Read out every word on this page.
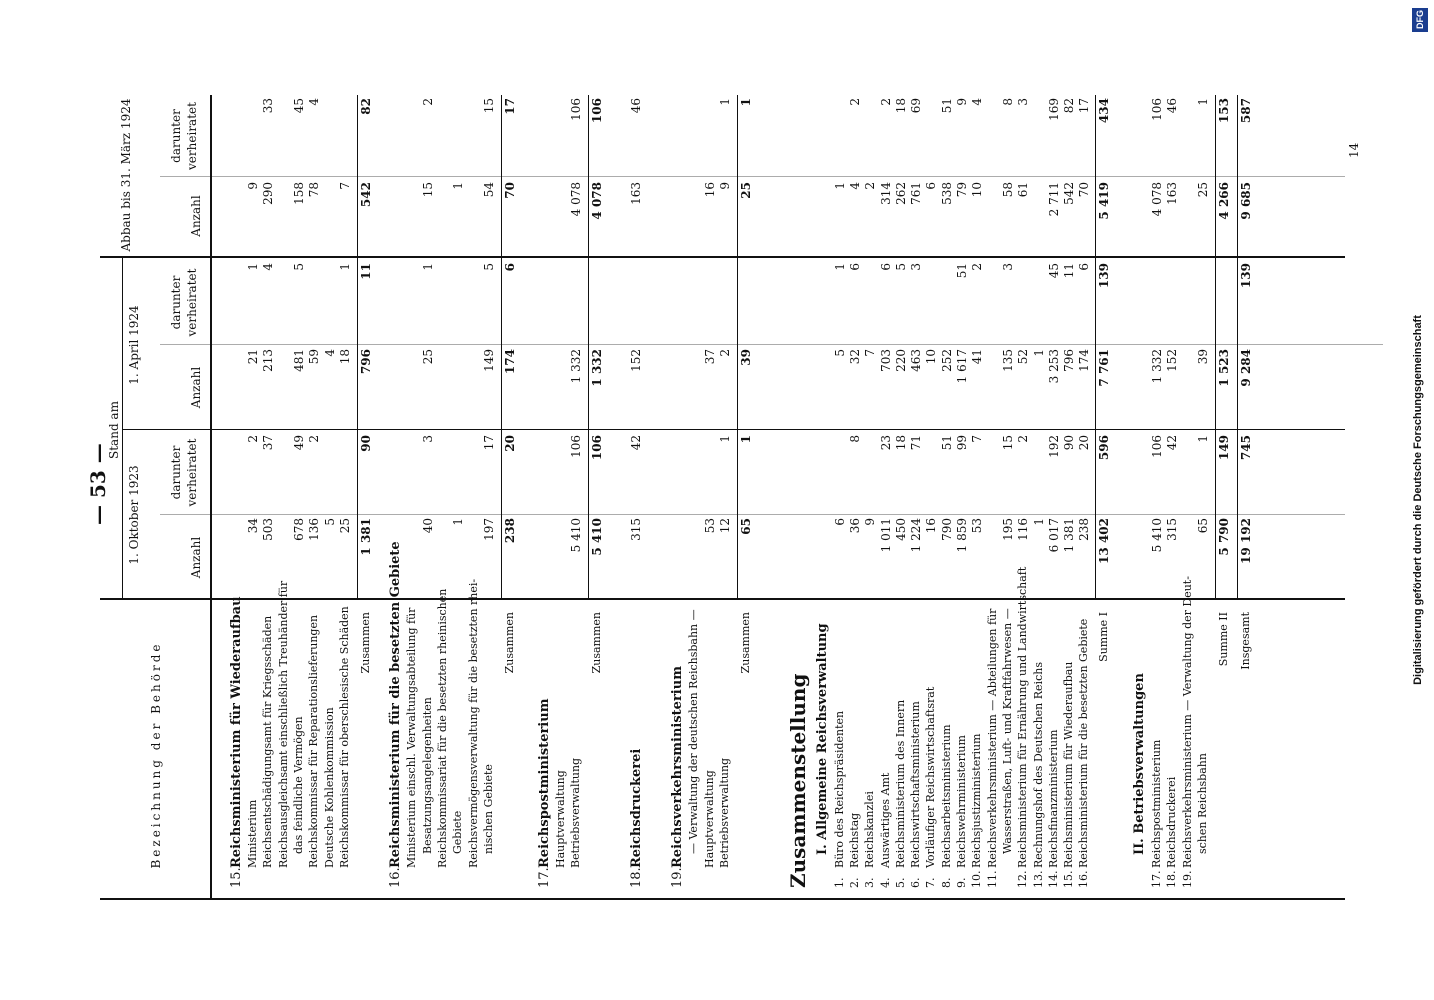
— 53 —
14
Bezeichnung der Behörde
Stand am
1. Oktober 1923
1. April 1924
Abbau bis 31. März 1924
Anzahl
darunter verheiratet
Anzahl
darunter verheiratet
Anzahl
darunter verheiratet
15.
Reichsministerium für Wiederaufbau Ministerium
34
2
21
1
9
Reichsentschädigungsamt für Kriegsschäden
503
37
213
4
290
33
Reichsausgleichsamt einschließlich Treuhänder für das feindliche Vermögen
678
49
481
5
158
45
Reichskommissar für Reparationslieferungen
136
2
59
78
4
Deutsche Kohlenkommission
5
4
Reichskommissar für oberschlesische Schäden
25
18
1
7
Zusammen
1 381
90
796
11
542
82
16.
Reichsministerium für die besetzten Gebiete Ministerium einschl. Verwaltungsabteilung für Besatzungsangelegenheiten
40
3
25
1
15
2
Reichskommissariat für die besetzten rheinischen Gebiete
1
1
Reichsvermögensverwaltung für die besetzten rhei- nischen Gebiete
197
17
149
5
54
15
Zusammen
238
20
174
6
70
17
17.
Reichspostministerium Hauptverwaltung Betriebsverwaltung
5 410
106
1 332
4 078
106
Zusammen
5 410
106
1 332
4 078
106
18.
Reichsdruckerei
315
42
152
163
46
19.
Reichsverkehrsministerium — Verwaltung der deutschen Reichsbahn — Hauptverwaltung
53
37
16
Betriebsverwaltung
12
1
2
9
1
Zusammen
65
1
39
25
1
Zusammenstellung I. Allgemeine Reichsverwaltung
1.
Büro des Reichspräsidenten
6
5
1
1
2.
Reichstag
36
8
32
6
4
2
3.
Reichskanzlei
9
7
2
4.
Auswärtiges Amt
1 011
23
703
6
314
2
5.
Reichsministerium des Innern
450
18
220
5
262
18
6.
Reichswirtschaftsministerium
1 224
71
463
3
761
69
7.
Vorläufiger Reichswirtschaftsrat
16
10
6
8.
Reichsarbeitsministerium
790
51
252
538
51
9.
Reichswehrministerium
1 859
99
1 617
51
79
9
10.
Reichsjustizministerium
53
7
41
2
10
4
11.
Reichsverkehrsministerium — Abteilungen für Wasserstraßen, Luft- und Kraftfahrwesen —
195
15
135
3
58
8
12.
Reichsministerium für Ernährung und Landwirtschaft
116
2
52
61
3
13.
Rechnungshof des Deutschen Reichs
1
1
14.
Reichsfinanzministerium
6 017
192
3 253
45
2 711
169
15.
Reichsministerium für Wiederaufbau
1 381
90
796
11
542
82
16.
Reichsministerium für die besetzten Gebiete
238
20
174
6
70
17
Summe I
13 402
596
7 761
139
5 419
434
II. Betriebsverwaltungen
17.
Reichspostministerium
5 410
106
1 332
4 078
106
18.
Reichsdruckerei
315
42
152
163
46
19.
Reichsverkehrsministerium — Verwaltung der Deut- schen Reichsbahn
65
1
39
25
1
Summe II
5 790
149
1 523
4 266
153
Insgesamt
19 192
745
9 284
139
9 685
587
Digitalisierung gefördert durch die Deutsche Forschungsgemeinschaft
DFG
